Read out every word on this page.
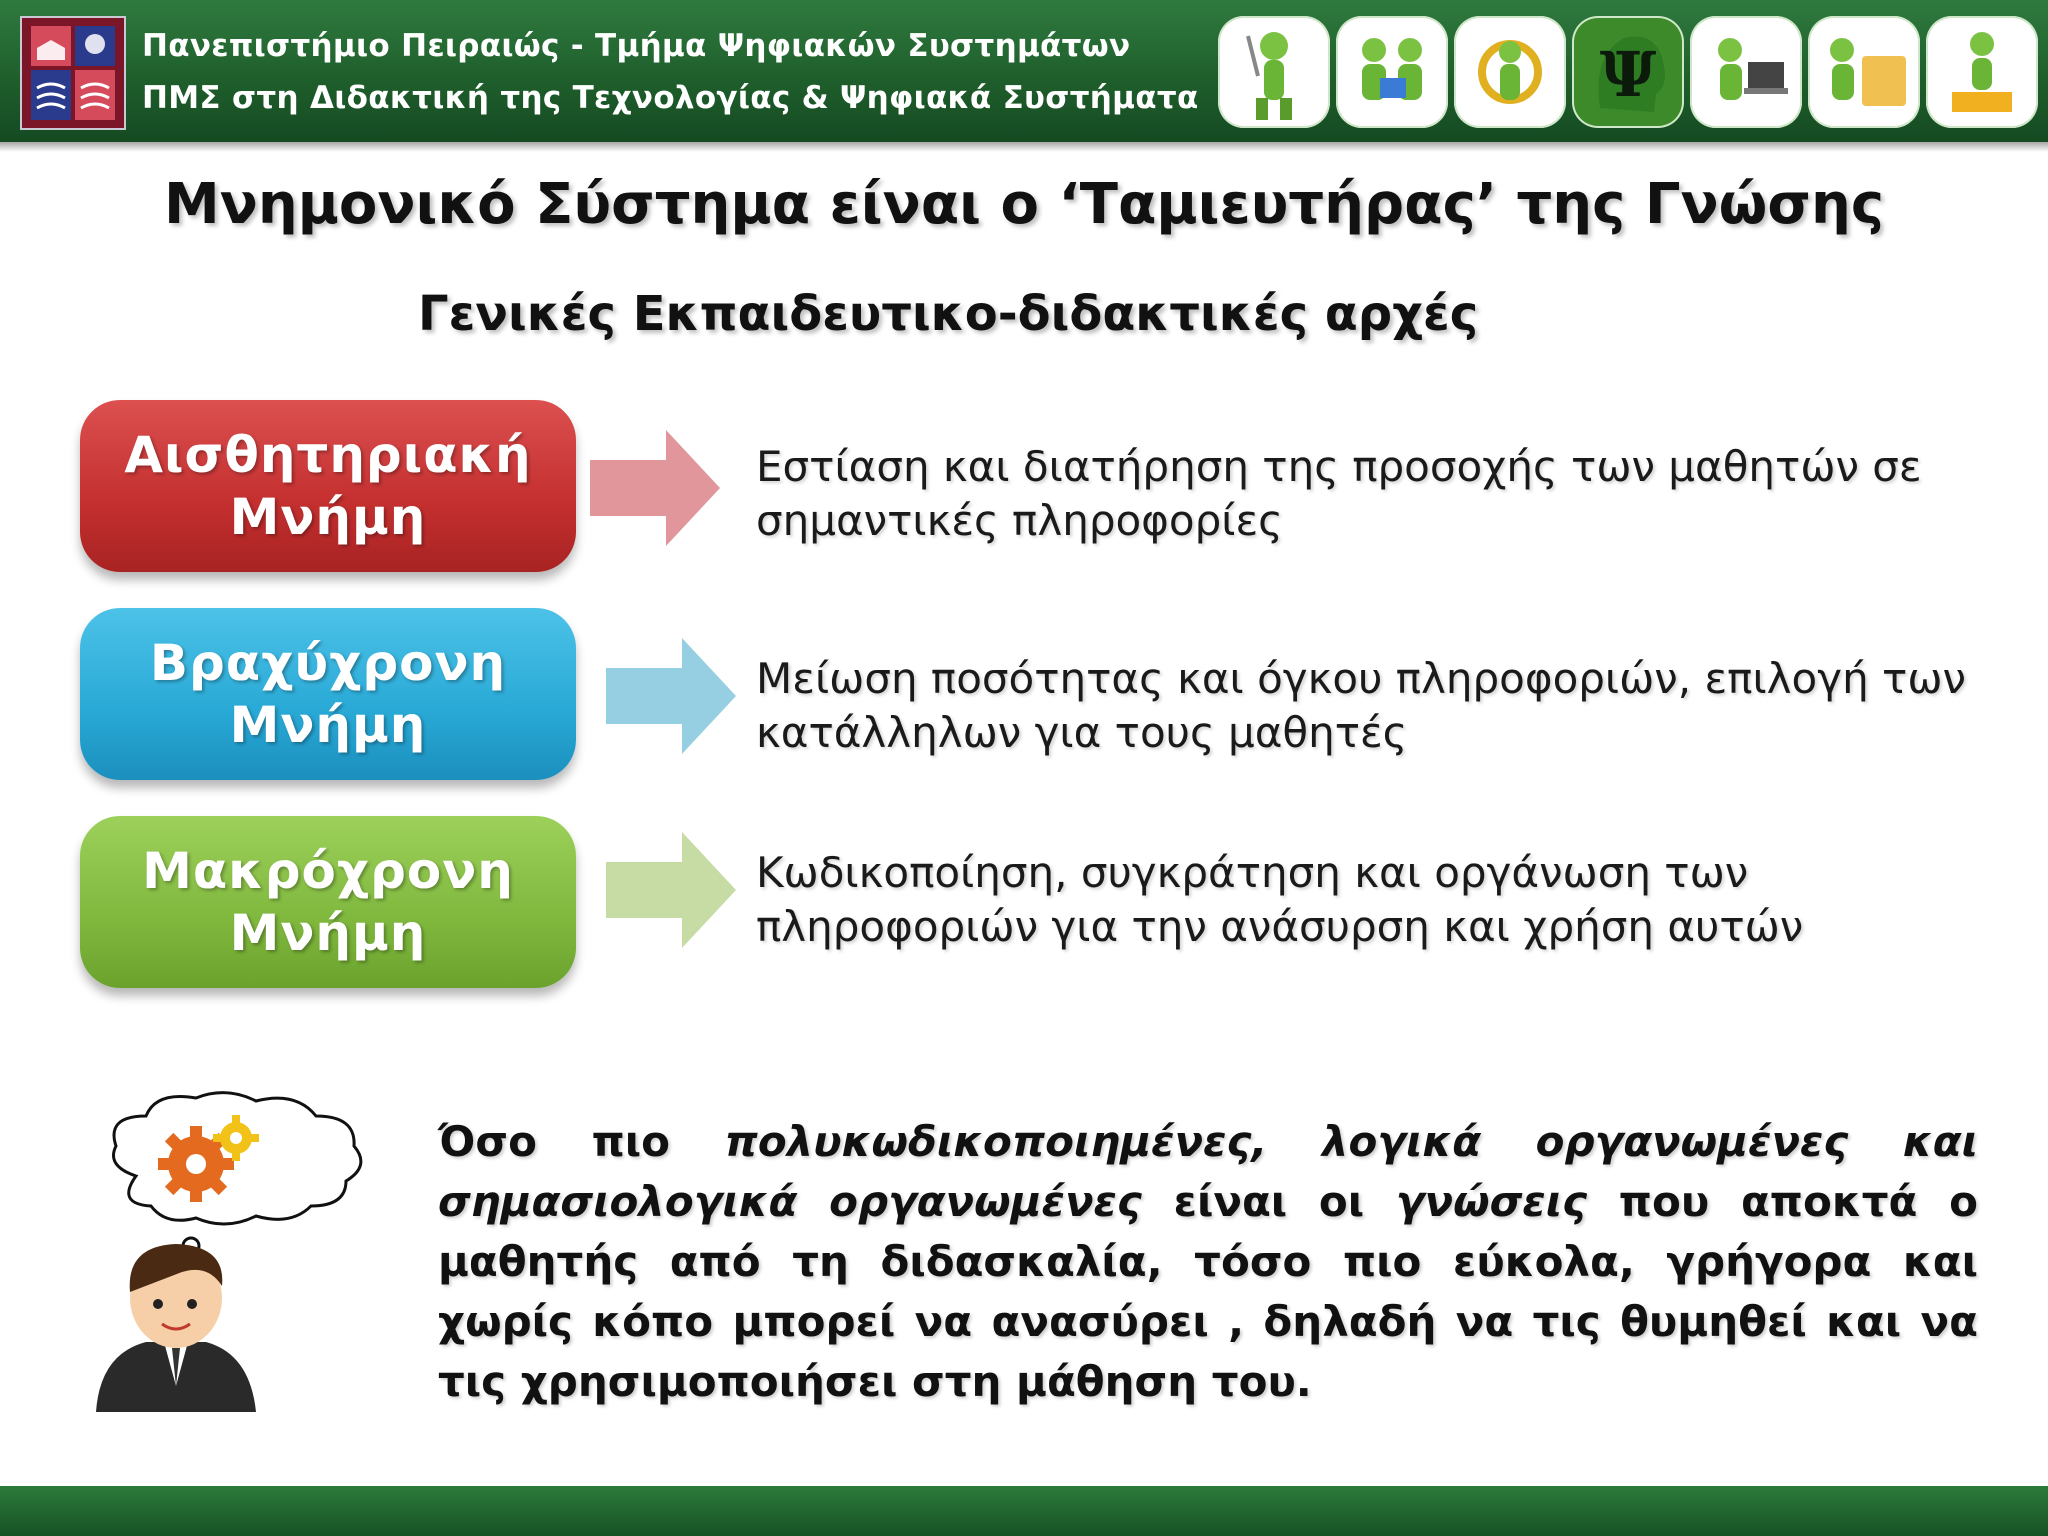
Πανεπιστήμιο Πειραιώς - Τμήμα Ψηφιακών Συστημάτων
ΠΜΣ στη Διδακτική της Τεχνολογίας & Ψηφιακά Συστήματα	Ψ
Μνημονικό Σύστημα είναι ο ‘Ταμιευτήρας’ της Γνώσης
Γενικές Εκπαιδευτικο-διδακτικές αρχές
Αισθητηριακή
Μνήμη
Εστίαση και διατήρηση της προσοχής των μαθητών σε σημαντικές πληροφορίες
Βραχύχρονη
Μνήμη
Μείωση ποσότητας και όγκου πληροφοριών, επιλογή των κατάλληλων για τους μαθητές
Μακρόχρονη
Μνήμη
Κωδικοποίηση, συγκράτηση και οργάνωση των πληροφοριών για την ανάσυρση και χρήση αυτών
Όσο πιο πολυκωδικοποιημένες, λογικά οργανωμένες και σημασιολογικά οργανωμένες είναι οι γνώσεις που αποκτά ο μαθητής από τη διδασκαλία, τόσο πιο εύκολα, γρήγορα και χωρίς κόπο μπορεί να ανασύρει , δηλαδή να τις θυμηθεί και να τις χρησιμοποιήσει στη μάθηση του.
